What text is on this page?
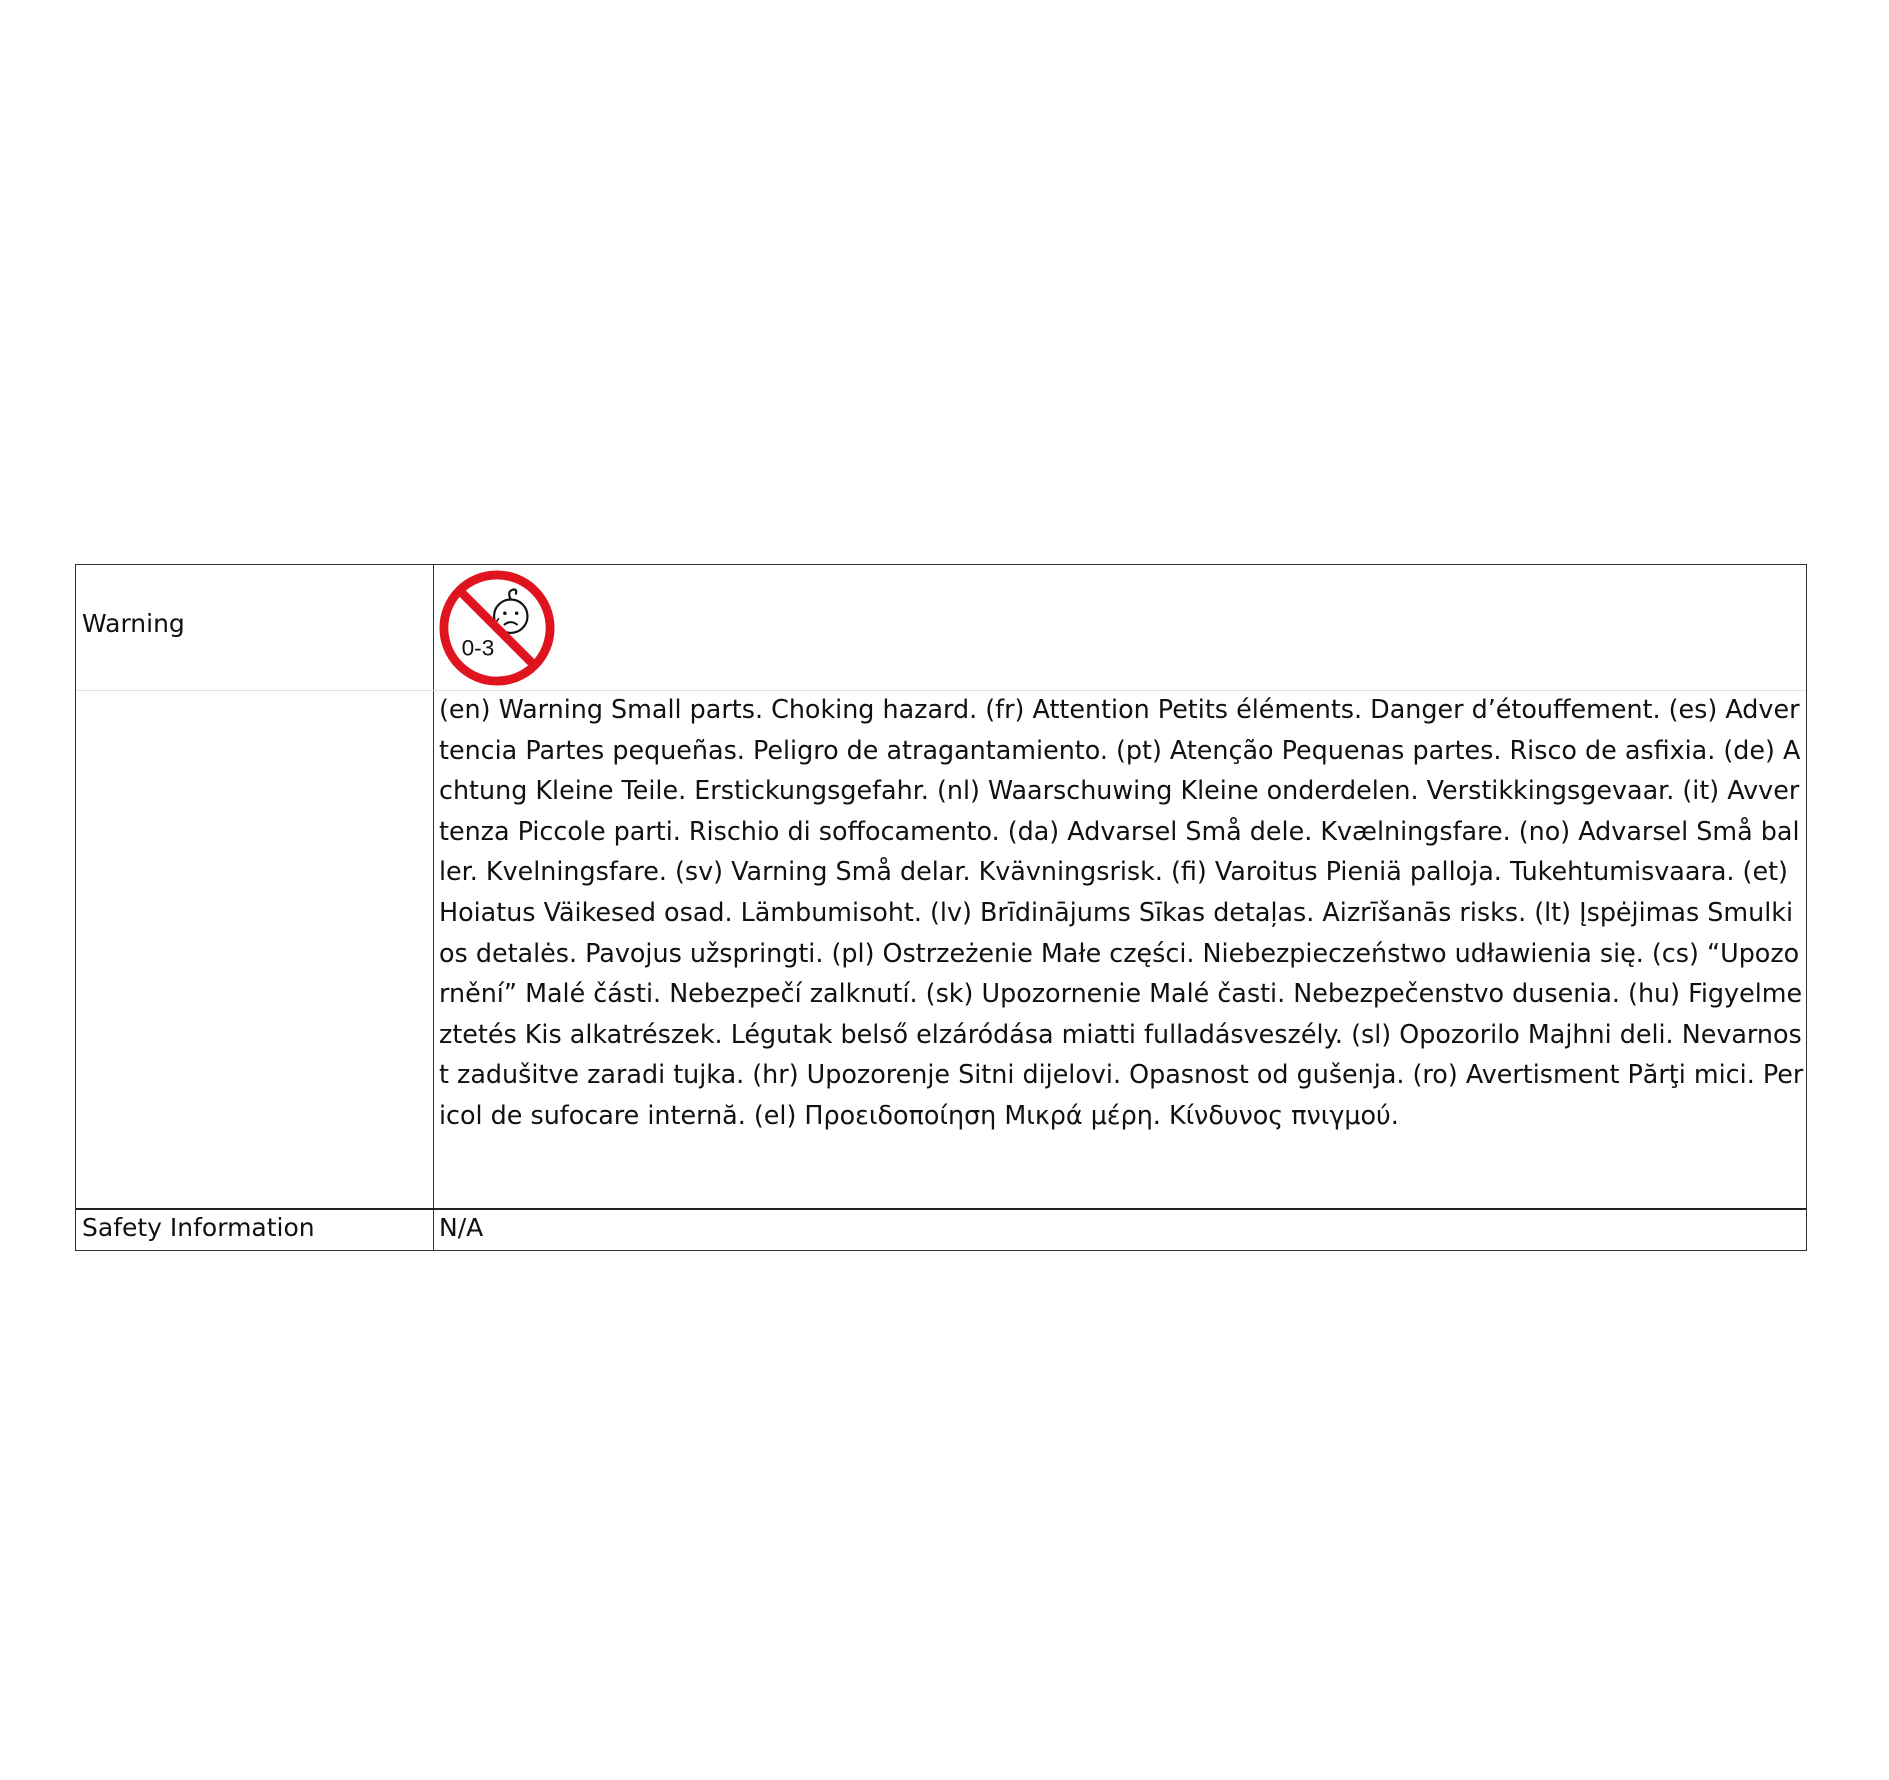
Warning
0-3
(en) Warning Small parts. Choking hazard. (fr) Attention Petits éléments. Danger d’étouffement. (es) Advertencia Partes pequeñas. Peligro de atragantamiento. (pt) Atenção Pequenas partes. Risco de asfixia. (de) Achtung Kleine Teile. Erstickungsgefahr. (nl) Waarschuwing Kleine onderdelen. Verstikkingsgevaar. (it) Avvertenza Piccole parti. Rischio di soffocamento. (da) Advarsel Små dele. Kvælningsfare. (no) Advarsel Små baller. Kvelningsfare. (sv) Varning Små delar. Kvävningsrisk. (fi) Varoitus Pieniä palloja. Tukehtumisvaara. (et) Hoiatus Väikesed osad. Lämbumisoht. (lv) Brīdinājums Sīkas detaļas. Aizrīšanās risks. (lt) Įspėjimas Smulkios detalės. Pavojus užspringti. (pl) Ostrzeżenie Małe części. Niebezpieczeństwo udławienia się. (cs) “Upozornění” Malé části. Nebezpečí zalknutí. (sk) Upozornenie Malé časti. Nebezpečenstvo dusenia. (hu) Figyelmeztetés Kis alkatrészek. Légutak belső elzáródása miatti fulladásveszély. (sl) Opozorilo Majhni deli. Nevarnost zadušitve zaradi tujka. (hr) Upozorenje Sitni dijelovi. Opasnost od gušenja. (ro) Avertisment Părţi mici. Pericol de sufocare internă. (el) Προειδοποίηση Μικρά μέρη. Κίνδυνος πνιγμού.
Safety Information	N/A
